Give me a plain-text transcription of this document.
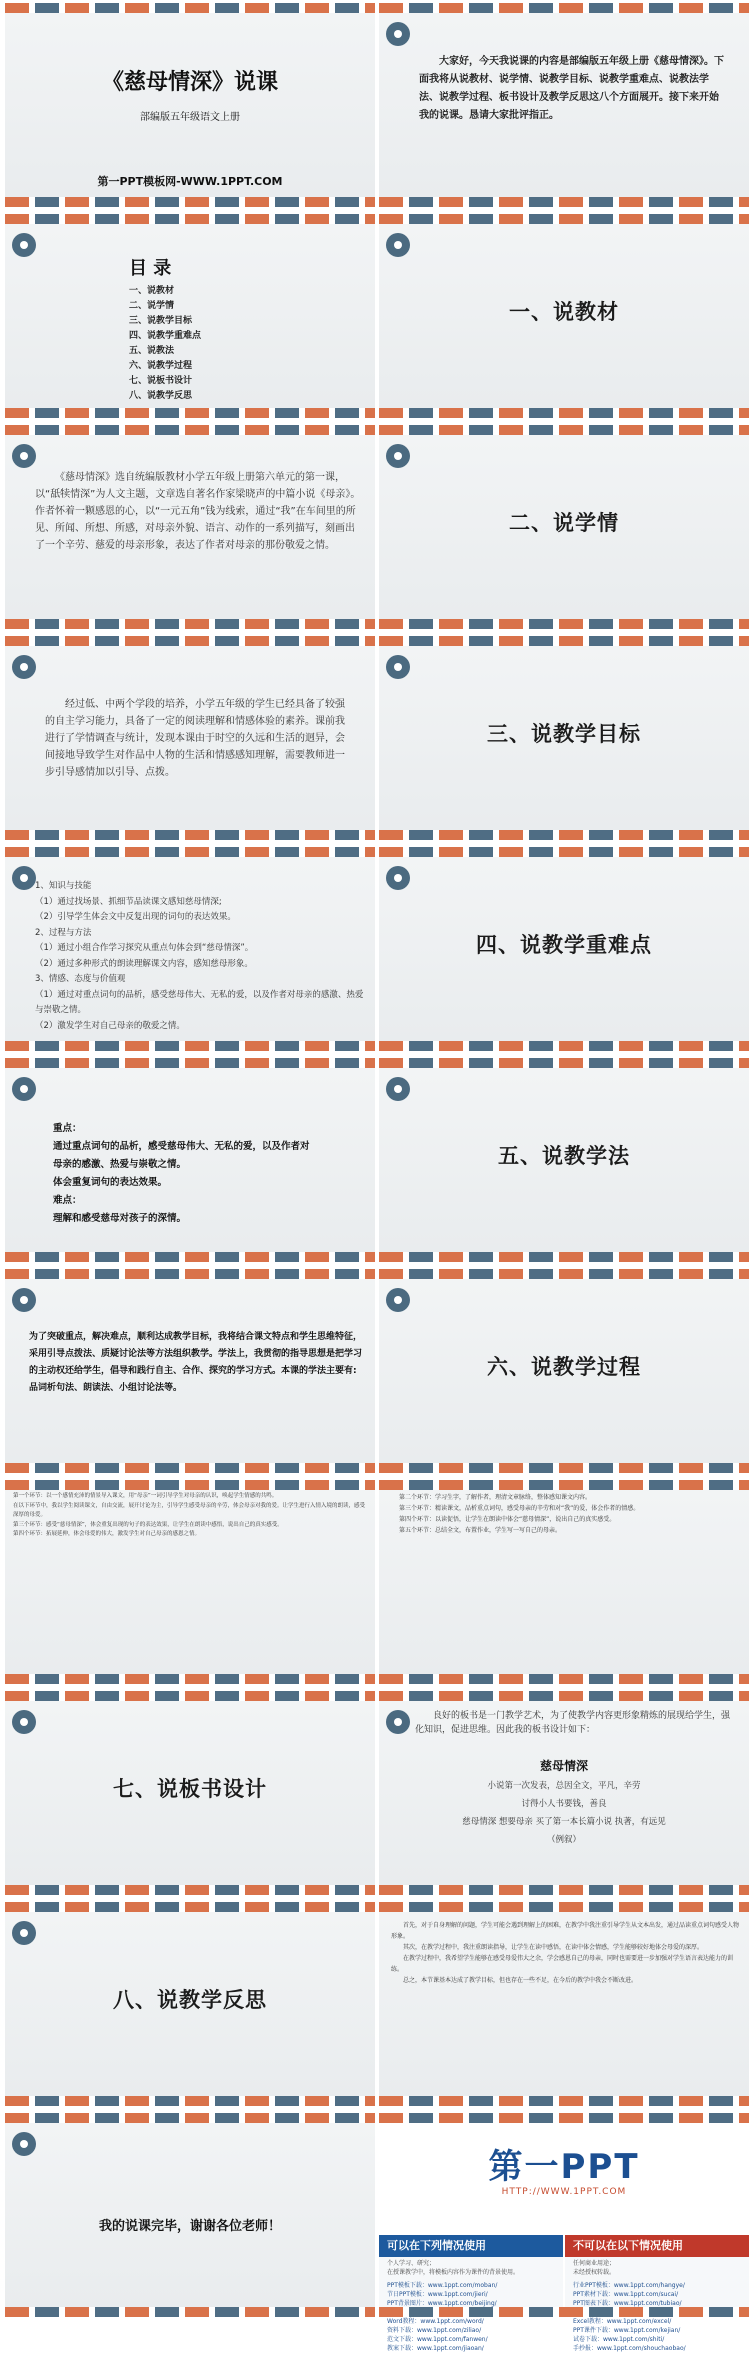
《慈母情深》说课
部编版五年级语文上册
第一PPT模板网-WWW.1PPT.COM
大家好，今天我说课的内容是部编版五年级上册《慈母情深》。下面我将从说教材、说学情、说教学目标、说教学重难点、说教法学法、说教学过程、板书设计及教学反思这八个方面展开。接下来开始我的说课。恳请大家批评指正。
目 录
一、说教材
二、说学情
三、说教学目标
四、说教学重难点
五、说教法
六、说教学过程
七、说板书设计
八、说教学反思
一、说教材
《慈母情深》选自统编版教材小学五年级上册第六单元的第一课，以“舐犊情深”为人文主题，文章选自著名作家梁晓声的中篇小说《母亲》。作者怀着一颗感恩的心，以“一元五角”钱为线索，通过“我”在车间里的所见、所闻、所想、所感，对母亲外貌、语言、动作的一系列描写，刻画出了一个辛劳、慈爱的母亲形象，表达了作者对母亲的那份敬爱之情。
二、说学情
经过低、中两个学段的培养，小学五年级的学生已经具备了较强的自主学习能力，具备了一定的阅读理解和情感体验的素养。课前我进行了学情调查与统计，发现本课由于时空的久远和生活的迥异，会间接地导致学生对作品中人物的生活和情感感知理解，需要教师进一步引导感情加以引导、点拨。
三、说教学目标
1、知识与技能
（1）通过找场景、抓细节品读课文感知慈母情深;
（2）引导学生体会文中反复出现的词句的表达效果。
2、过程与方法
（1）通过小组合作学习探究从重点句体会到“慈母情深”。
（2）通过多种形式的朗读理解课文内容，感知慈母形象。
3、情感、态度与价值观
（1）通过对重点词句的品析，感受慈母伟大、无私的爱，以及作者对母亲的感激、热爱与崇敬之情。
（2）激发学生对自己母亲的敬爱之情。
四、说教学重难点
重点：
通过重点词句的品析，感受慈母伟大、无私的爱，以及作者对
母亲的感激、热爱与崇敬之情。
体会重复词句的表达效果。
难点：
理解和感受慈母对孩子的深情。
五、说教学法
为了突破重点，解决难点，顺利达成教学目标，我将结合课文特点和学生思维特征，采用引导点拨法、质疑讨论法等方法组织教学。学法上，我贯彻的指导思想是把学习的主动权还给学生，倡导和践行自主、合作、探究的学习方式。本课的学法主要有:品词析句法、朗读法、小组讨论法等。
六、说教学过程
第一个环节：以一个感情充沛的情景导入课文，用“母亲”一词引导学生对母亲的认识，唤起学生情感的共鸣。
在以下环节中，我以学生阅读课文，自由交流，展开讨论为主，引导学生感受母亲的辛劳，体会母亲对我的爱。让学生进行入情入境的朗读，感受深厚的母爱。
第三个环节：感受“慈母情深”，体会重复出现的句子的表达效果，让学生在朗读中感悟，说出自己的真实感受。
第四个环节：拓展延伸，体会母爱的伟大，激发学生对自己母亲的感恩之情。
第二个环节：学习生字，了解作者，理清文章脉络，整体感知课文内容。
第三个环节：精读课文，品析重点词句，感受母亲的辛劳和对“我”的爱，体会作者的情感。
第四个环节：以读促悟，让学生在朗读中体会“慈母情深”，说出自己的真实感受。
第五个环节：总结全文，布置作业，学生写一写自己的母亲。
七、说板书设计
良好的板书是一门教学艺术，为了使教学内容更形象精炼的展现给学生，强化知识，促进思维。因此我的板书设计如下：
慈母情深
小说第一次发表，总因全文，平凡，辛劳
讨得小人书要钱，善良
慈母情深 想要母亲 买了第一本长篇小说 执著，有远见
（例叙）
八、说教学反思
首先，对于自身理解的问题，学生可能会遇到理解上的困难，在教学中我注重引导学生从文本出发，通过品读重点词句感受人物形象。
其次，在教学过程中，我注重朗读指导，让学生在读中感悟，在读中体会情感，学生能够较好地体会母爱的深厚。
在教学过程中，我希望学生能够在感受母爱伟大之余，学会感恩自己的母亲，同时也需要进一步加强对学生语言表达能力的训练。
总之，本节课基本达成了教学目标，但也存在一些不足，在今后的教学中我会不断改进。
我的说课完毕，谢谢各位老师！
第一PPT
HTTP://WWW.1PPT.COM
可以在下列情况使用
个人学习、研究；
在授课教学中，将模板内容作为课件的背景使用。
PPT模板下载：www.1ppt.com/moban/
节日PPT模板：www.1ppt.com/jieri/
PPT背景图片：www.1ppt.com/beijing/
Word教程：www.1ppt.com/word/
资料下载：www.1ppt.com/ziliao/
范文下载：www.1ppt.com/fanwen/
教案下载：www.1ppt.com/jiaoan/
不可以在以下情况使用
任何商业用途；
未经授权转载。
行业PPT模板：www.1ppt.com/hangye/
PPT素材下载：www.1ppt.com/sucai/
PPT图表下载：www.1ppt.com/tubiao/
Excel教程：www.1ppt.com/excel/
PPT课件下载：www.1ppt.com/kejian/
试卷下载：www.1ppt.com/shiti/
手抄报：www.1ppt.com/shouchaobao/
